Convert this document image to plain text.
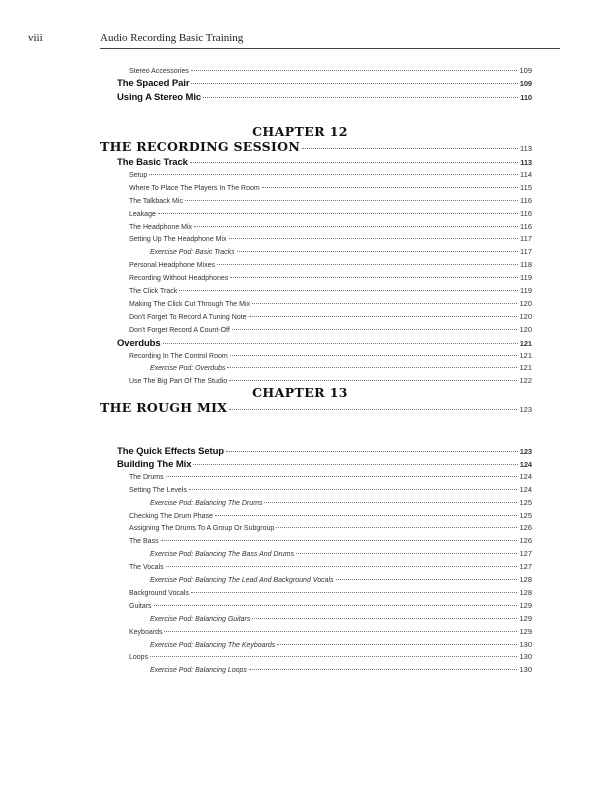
viii	Audio Recording Basic Training
Stereo Accessories	109
The Spaced Pair	109
Using A Stereo Mic	110
CHAPTER 12
THE RECORDING SESSION	113
The Basic Track	113
Setup	114
Where To Place The Players In The Room	115
The Talkback Mic	116
Leakage	116
The Headphone Mix	116
Setting Up The Headphone Mix	117
Exercise Pod: Basic Tracks	117
Personal Headphone Mixes	118
Recording Without Headphones	119
The Click Track	119
Making The Click Cut Through The Mix	120
Don't Forget To Record A Tuning Note	120
Don't Forget Record A Count-Off	120
Overdubs	121
Recording In The Control Room	121
Exercise Pod: Overdubs	121
Use The Big Part Of The Studio	122
CHAPTER 13
THE ROUGH MIX	123
The Quick Effects Setup	123
Building The Mix	124
The Drums	124
Setting The Levels	124
Exercise Pod: Balancing The Drums	125
Checking The Drum Phase	125
Assigning The Drums To A Group Or Subgroup	126
The Bass	126
Exercise Pod: Balancing The Bass And Drums	127
The Vocals	127
Exercise Pod: Balancing The Lead And Background Vocals	128
Background Vocals	128
Guitars	129
Exercise Pod: Balancing Guitars	129
Keyboards	129
Exercise Pod: Balancing The Keyboards	130
Loops	130
Exercise Pod: Balancing Loops	130
